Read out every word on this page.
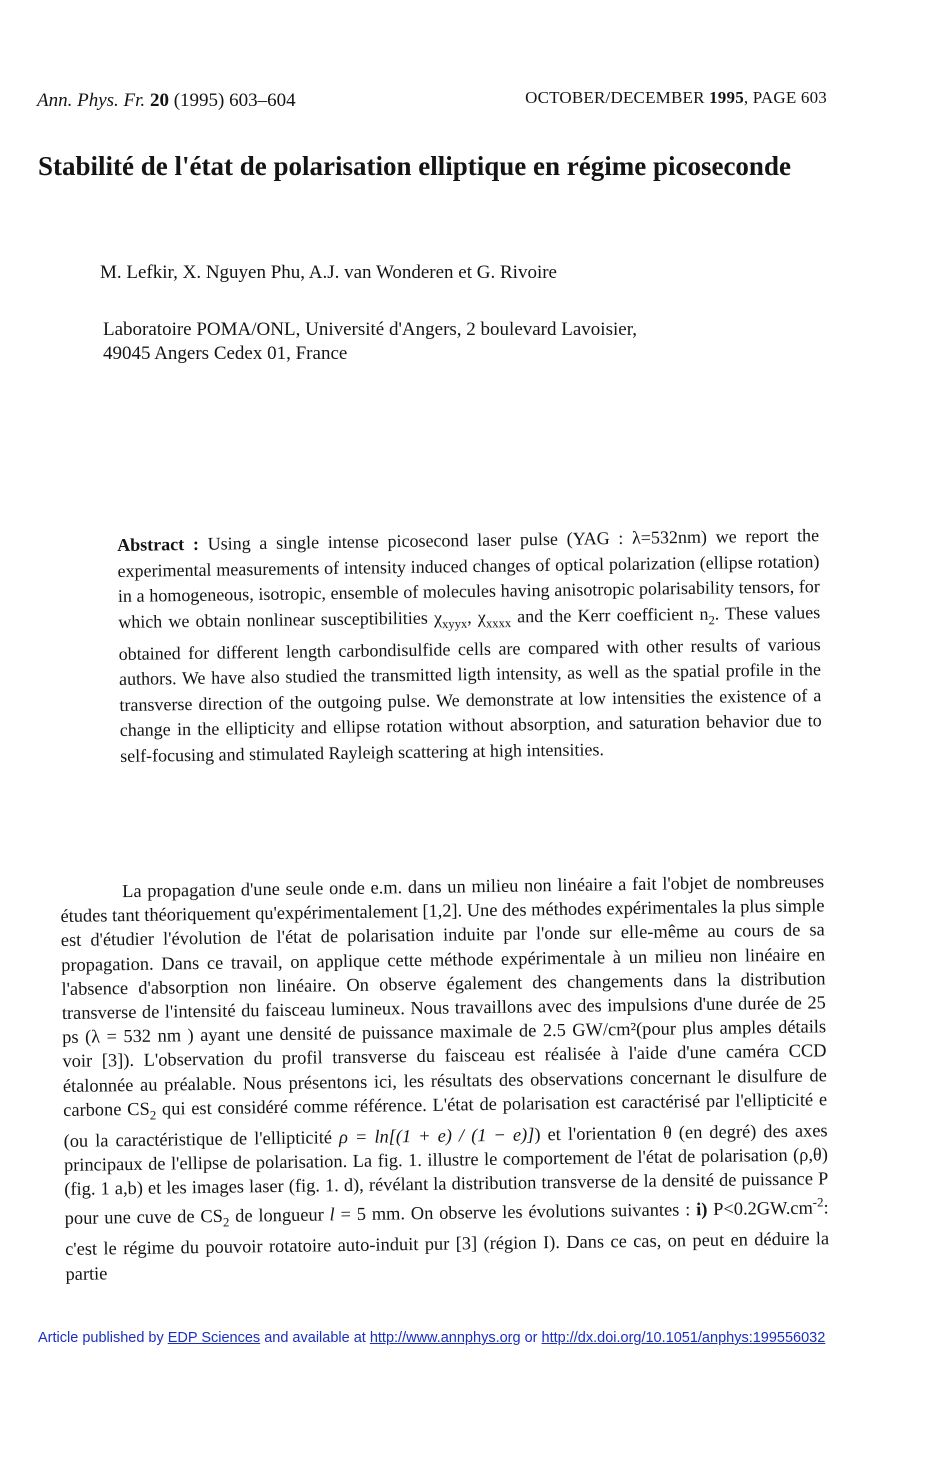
Ann. Phys. Fr. 20 (1995) 603–604	OCTOBER/DECEMBER 1995, PAGE 603
Stabilité de l'état de polarisation elliptique en régime picoseconde
M. Lefkir, X. Nguyen Phu, A.J. van Wonderen et G. Rivoire
Laboratoire POMA/ONL, Université d'Angers, 2 boulevard Lavoisier,
49045 Angers Cedex 01, France
Abstract : Using a single intense picosecond laser pulse (YAG : λ=532nm) we report the experimental measurements of intensity induced changes of optical polarization (ellipse rotation) in a homogeneous, isotropic, ensemble of molecules having anisotropic polarisability tensors, for which we obtain nonlinear susceptibilities $\chi_{xyyx}$, $\chi_{xxxx}$ and the Kerr coefficient $n_2$. These values obtained for different length carbondisulfide cells are compared with other results of various authors. We have also studied the transmitted ligth intensity, as well as the spatial profile in the transverse direction of the outgoing pulse. We demonstrate at low intensities the existence of a change in the ellipticity and ellipse rotation without absorption, and saturation behavior due to self-focusing and stimulated Rayleigh scattering at high intensities.
La propagation d'une seule onde e.m. dans un milieu non linéaire a fait l'objet de nombreuses études tant théoriquement qu'expérimentalement [1,2]. Une des méthodes expérimentales la plus simple est d'étudier l'évolution de l'état de polarisation induite par l'onde sur elle-même au cours de sa propagation. Dans ce travail, on applique cette méthode expérimentale à un milieu non linéaire en l'absence d'absorption non linéaire. On observe également des changements dans la distribution transverse de l'intensité du faisceau lumineux. Nous travaillons avec des impulsions d'une durée de 25 ps (λ = 532 nm ) ayant une densité de puissance maximale de 2.5 GW/cm²(pour plus amples détails voir [3]). L'observation du profil transverse du faisceau est réalisée à l'aide d'une caméra CCD étalonnée au préalable. Nous présentons ici, les résultats des observations concernant le disulfure de carbone $CS_2$ qui est considéré comme référence. L'état de polarisation est caractérisé par l'ellipticité e (ou la caractéristique de l'ellipticité ρ = ln[(1 + e) / (1 − e)]) et l'orientation θ (en degré) des axes principaux de l'ellipse de polarisation. La fig. 1. illustre le comportement de l'état de polarisation (ρ,θ) (fig. 1 a,b) et les images laser (fig. 1. d), révélant la distribution transverse de la densité de puissance P pour une cuve de $CS_2$ de longueur l = 5 mm. On observe les évolutions suivantes : i) $P<0.2GW.cm^{-2}$: c'est le régime du pouvoir rotatoire auto-induit pur [3] (région I). Dans ce cas, on peut en déduire la partie
Article published by EDP Sciences and available at http://www.annphys.org or http://dx.doi.org/10.1051/anphys:199556032
